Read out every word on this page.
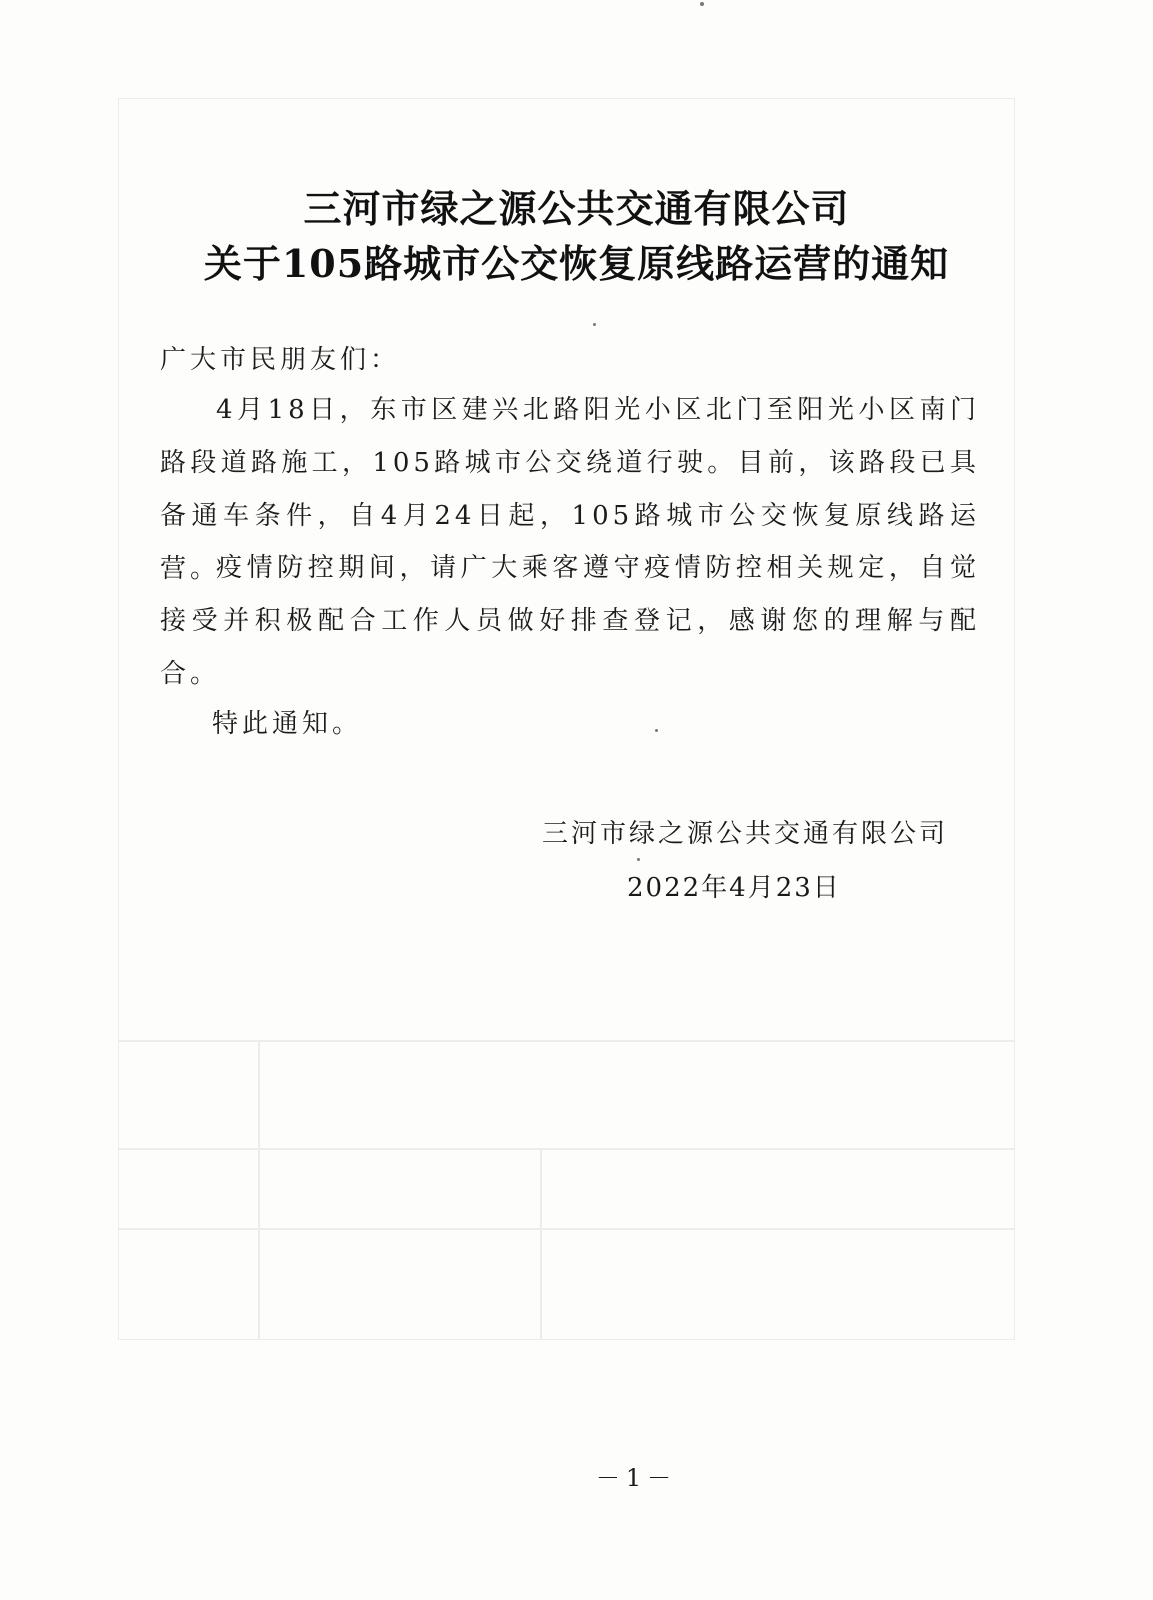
三河市绿之源公共交通有限公司
关于105路城市公交恢复原线路运营的通知
广大市民朋友们：
4月18日，东市区建兴北路阳光小区北门至阳光小区南门路段道路施工，105路城市公交绕道行驶。目前，该路段已具备通车条件，自4月24日起，105路城市公交恢复原线路运营。
疫情防控期间，请广大乘客遵守疫情防控相关规定，自觉接受并积极配合工作人员做好排查登记，感谢您的理解与配合。
特此通知。
三河市绿之源公共交通有限公司
2022年4月23日
－1－
